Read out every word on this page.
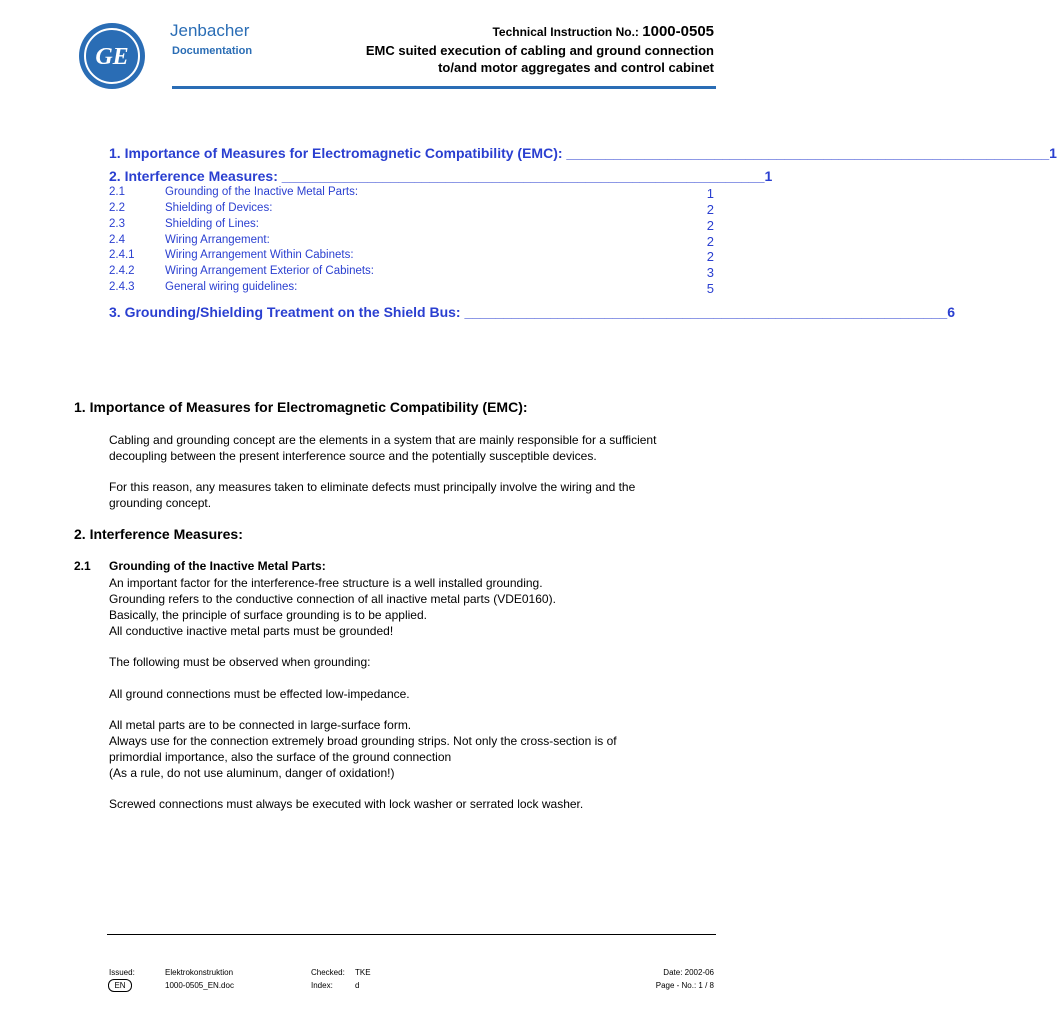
GE
Jenbacher
Documentation
Technical Instruction No.: 1000-0505
EMC suited execution of cabling and ground connection
to/and motor aggregates and control cabinet
1. Importance of Measures for Electromagnetic Compatibility (EMC): ______________________________________________________________ 1
2. Interference Measures: ______________________________________________________________ 1
2.1	Grounding of the Inactive Metal Parts:	1
2.2	Shielding of Devices:	2
2.3	Shielding of Lines:	2
2.4	Wiring Arrangement:	2
2.4.1	Wiring Arrangement Within Cabinets:	2
2.4.2	Wiring Arrangement Exterior of Cabinets:	3
2.4.3	General wiring guidelines:	5
3. Grounding/Shielding Treatment on the Shield Bus: ______________________________________________________________ 6
1. Importance of Measures for Electromagnetic Compatibility (EMC):
Cabling and grounding concept are the elements in a system that are mainly responsible for a sufficient
decoupling between the present interference source and the potentially susceptible devices.
For this reason, any measures taken to eliminate defects must principally involve the wiring and the
grounding concept.
2. Interference Measures:
2.1 Grounding of the Inactive Metal Parts:
An important factor for the interference-free structure is a well installed grounding.
Grounding refers to the conductive connection of all inactive metal parts (VDE0160).
Basically, the principle of surface grounding is to be applied.
All conductive inactive metal parts must be grounded!
The following must be observed when grounding:
All ground connections must be effected low-impedance.
All metal parts are to be connected in large-surface form.
Always use for the connection extremely broad grounding strips. Not only the cross-section is of
primordial importance, also the surface of the ground connection
(As a rule, do not use aluminum, danger of oxidation!)
Screwed connections must always be executed with lock washer or serrated lock washer.
Issued:	Elektrokonstruktion
EN	1000-0505_EN.doc
Checked: TKE
Index:	d
Date: 2002-06
Page - No.: 1 / 8
